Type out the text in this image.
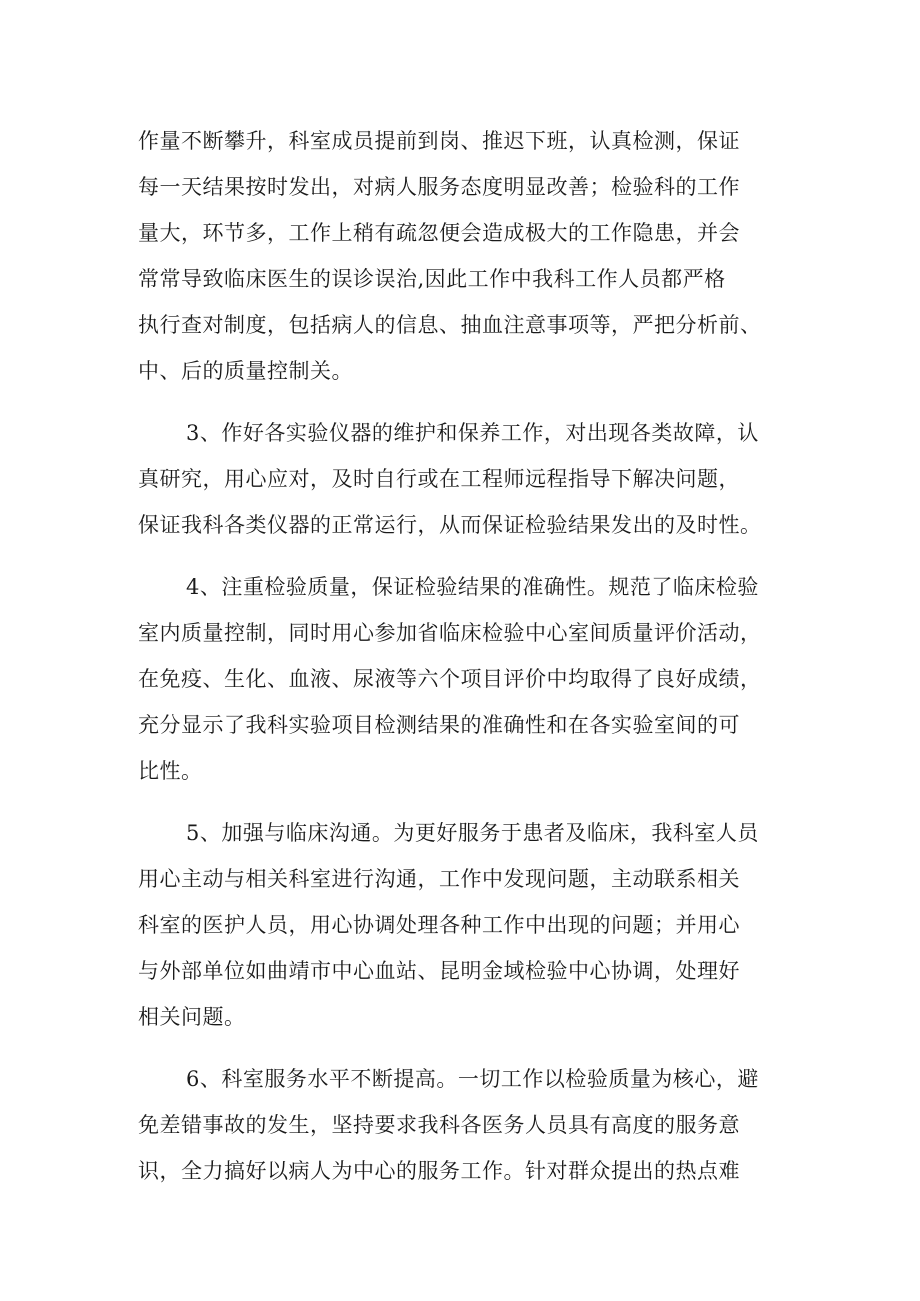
作量不断攀升，科室成员提前到岗、推迟下班，认真检测，保证
每一天结果按时发出，对病人服务态度明显改善；检验科的工作
量大，环节多，工作上稍有疏忽便会造成极大的工作隐患，并会
常常导致临床医生的误诊误治,因此工作中我科工作人员都严格
执行查对制度，包括病人的信息、抽血注意事项等，严把分析前、
中、后的质量控制关。
3、作好各实验仪器的维护和保养工作，对出现各类故障，认
真研究，用心应对，及时自行或在工程师远程指导下解决问题，
保证我科各类仪器的正常运行，从而保证检验结果发出的及时性。
4、注重检验质量，保证检验结果的准确性。规范了临床检验
室内质量控制，同时用心参加省临床检验中心室间质量评价活动，
在免疫、生化、血液、尿液等六个项目评价中均取得了良好成绩，
充分显示了我科实验项目检测结果的准确性和在各实验室间的可
比性。
5、加强与临床沟通。为更好服务于患者及临床，我科室人员
用心主动与相关科室进行沟通，工作中发现问题，主动联系相关
科室的医护人员，用心协调处理各种工作中出现的问题；并用心
与外部单位如曲靖市中心血站、昆明金域检验中心协调，处理好
相关问题。
6、科室服务水平不断提高。一切工作以检验质量为核心，避
免差错事故的发生，坚持要求我科各医务人员具有高度的服务意
识，全力搞好以病人为中心的服务工作。针对群众提出的热点难
